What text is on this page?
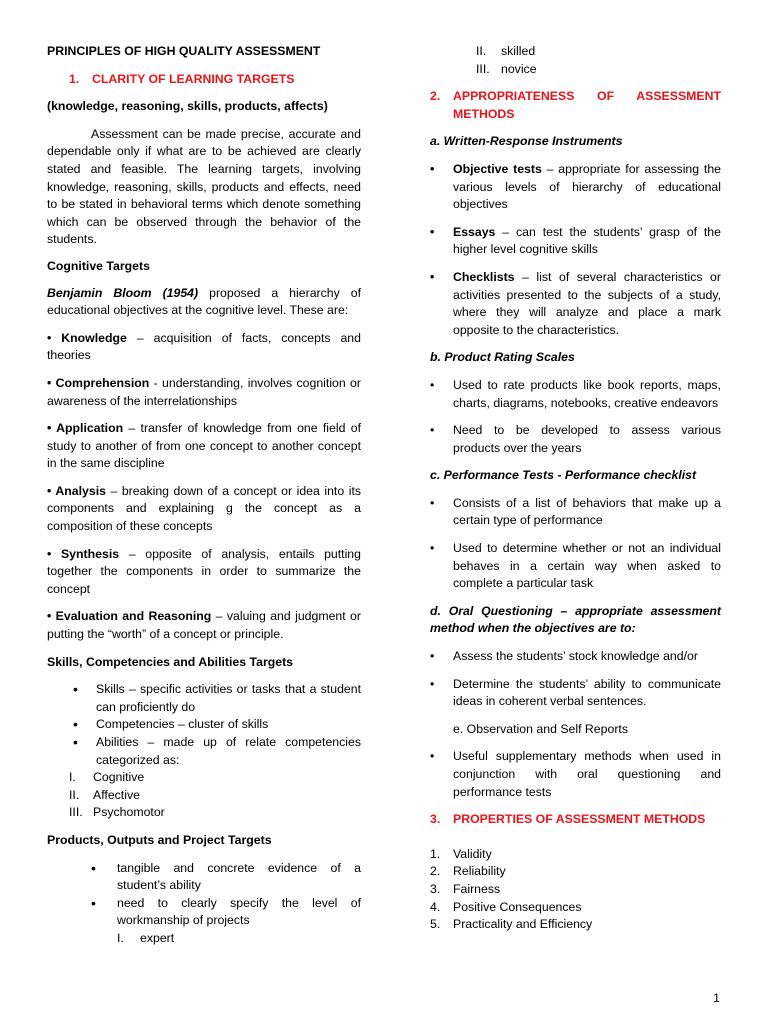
PRINCIPLES OF HIGH QUALITY ASSESSMENT

1.	CLARITY OF LEARNING TARGETS

(knowledge, reasoning, skills, products, affects)

Assessment can be made precise, accurate and dependable only if what are to be achieved are clearly stated and feasible. The learning targets, involving knowledge, reasoning, skills, products and effects, need to be stated in behavioral terms which denote something which can be observed through the behavior of the students.

Cognitive Targets

Benjamin Bloom (1954) proposed a hierarchy of educational objectives at the cognitive level. These are:

• Knowledge – acquisition of facts, concepts and theories

• Comprehension - understanding, involves cognition or awareness of the interrelationships

• Application – transfer of knowledge from one field of study to another of from one concept to another concept in the same discipline

• Analysis – breaking down of a concept or idea into its components and explaining g the concept as a composition of these concepts

• Synthesis – opposite of analysis, entails putting together the components in order to summarize the concept

• Evaluation and Reasoning – valuing and judgment or putting the “worth” of a concept or principle.

Skills, Competencies and Abilities Targets

•	Skills – specific activities or tasks that a student can proficiently do
•	Competencies – cluster of skills
•	Abilities – made up of relate competencies categorized as:
I.	Cognitive
II.	Affective
III. Psychomotor

Products, Outputs and Project Targets

•	tangible and concrete evidence of a student’s ability
•	need to clearly specify the level of workmanship of projects
I.	expert
II.	skilled
III. novice
2.	APPROPRIATENESS OF ASSESSMENT METHODS

a. Written-Response Instruments

•	Objective tests – appropriate for assessing the various levels of hierarchy of educational objectives
•	Essays – can test the students’ grasp of the higher level cognitive skills
•	Checklists – list of several characteristics or activities presented to the subjects of a study, where they will analyze and place a mark opposite to the characteristics.

b. Product Rating Scales

•	Used to rate products like book reports, maps, charts, diagrams, notebooks, creative endeavors
•	Need to be developed to assess various products over the years

c. Performance Tests - Performance checklist

•	Consists of a list of behaviors that make up a certain type of performance
•	Used to determine whether or not an individual behaves in a certain way when asked to complete a particular task

d. Oral Questioning – appropriate assessment method when the objectives are to:

•	Assess the students’ stock knowledge and/or
•	Determine the students’ ability to communicate ideas in coherent verbal sentences.

e. Observation and Self Reports

•	Useful supplementary methods when used in conjunction with oral questioning and performance tests
3.	PROPERTIES OF ASSESSMENT METHODS
1.	Validity
2.	Reliability
3.	Fairness
4.	Positive Consequences
5.	Practicality and Efficiency
1
